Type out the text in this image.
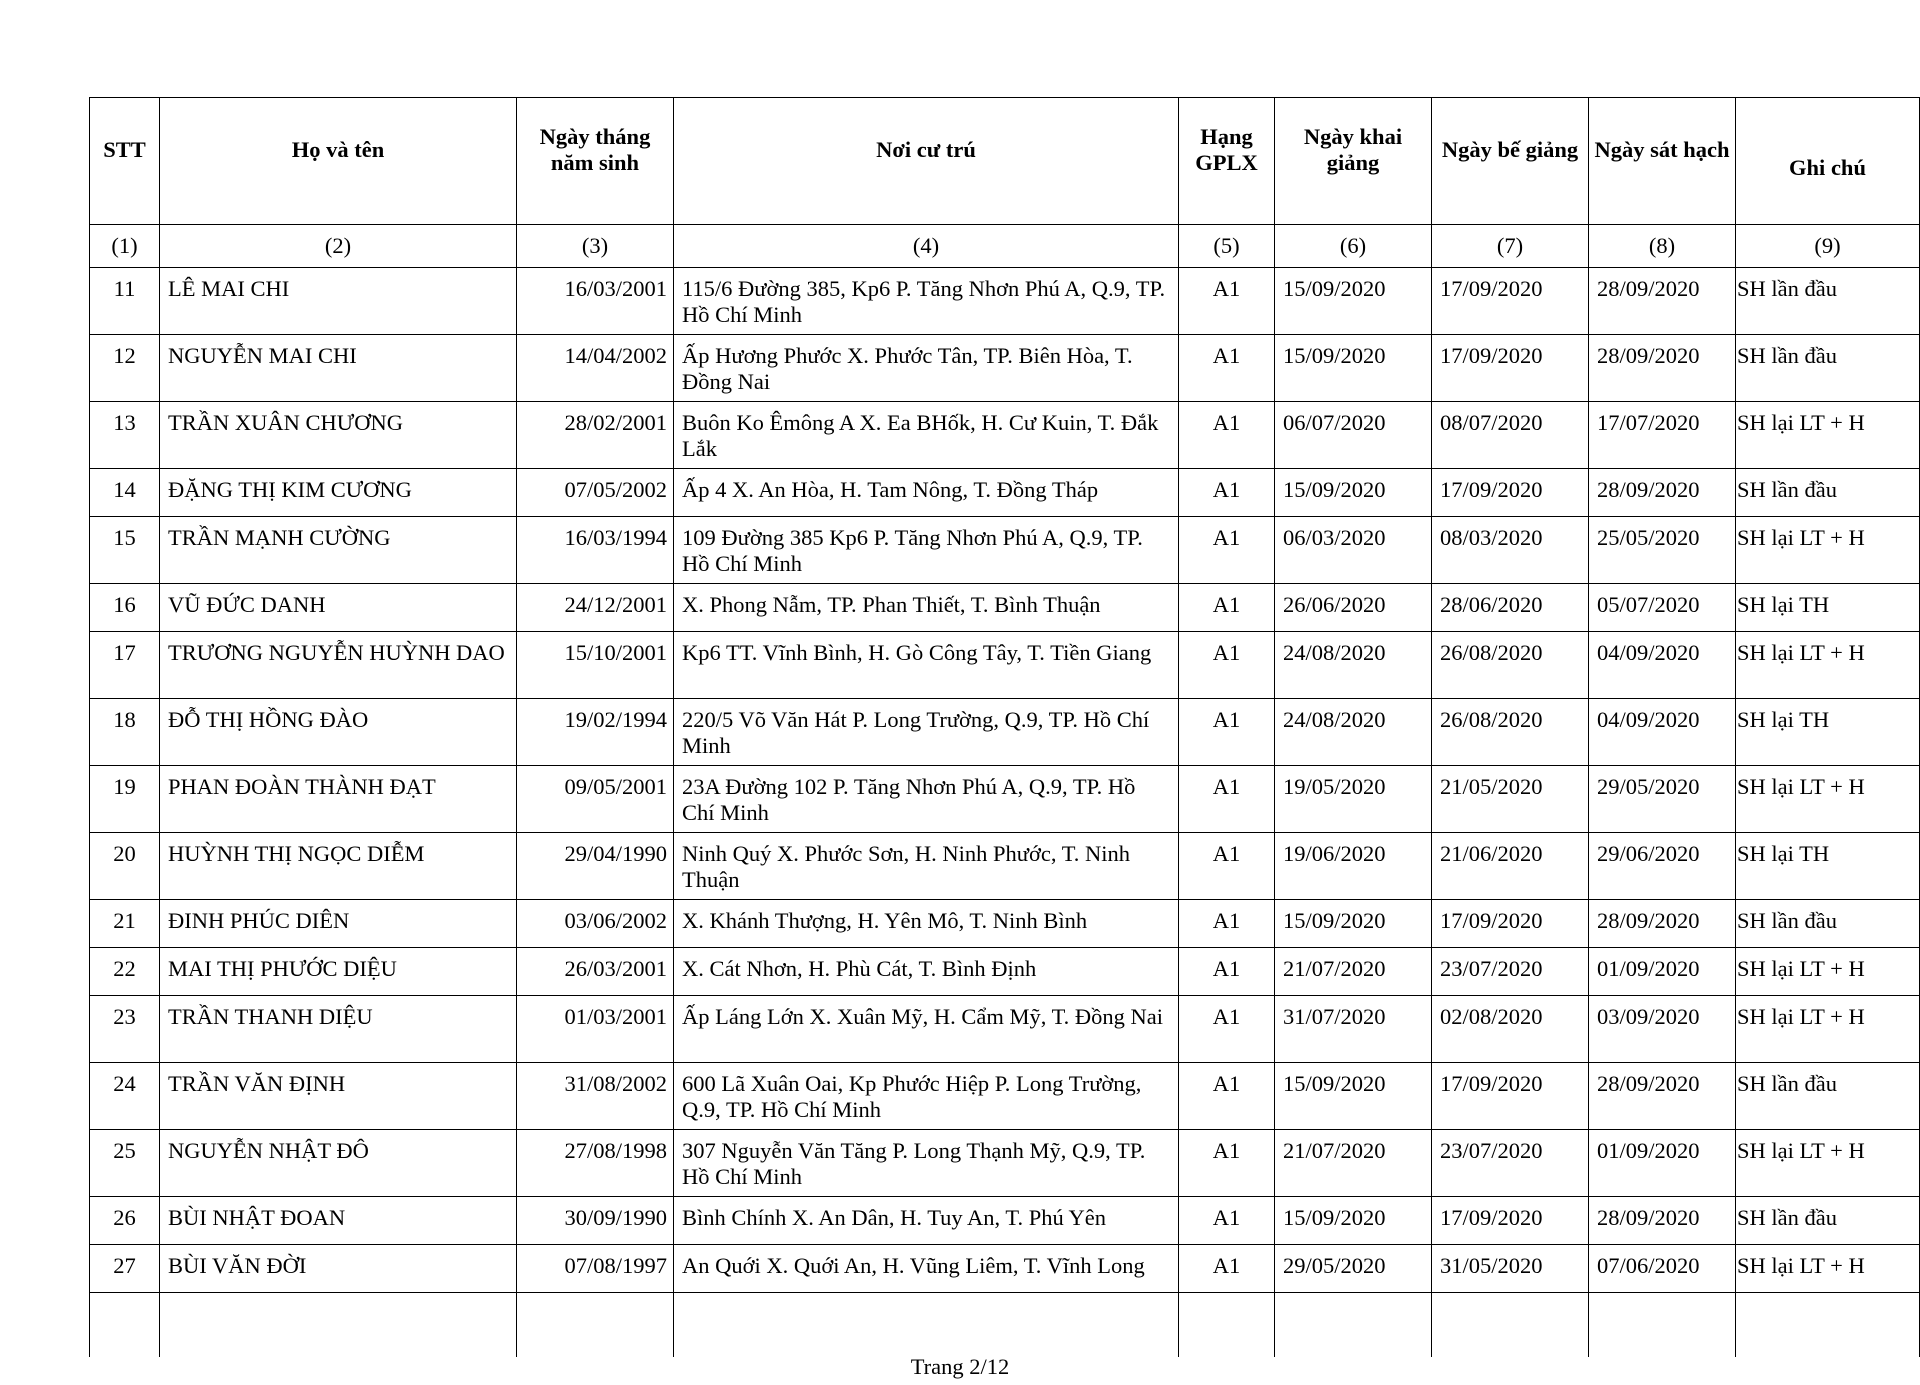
STT	Họ và tên	Ngày tháng năm sinh	Nơi cư trú	Hạng GPLX	Ngày khai giảng	Ngày bế giảng	Ngày sát hạch	Ghi chú
(1)	(2)	(3)	(4)	(5)	(6)	(7)	(8)	(9)
11	LÊ MAI CHI	16/03/2001	115/6 Đường 385, Kp6 P. Tăng Nhơn Phú A, Q.9, TP. Hồ Chí Minh	A1	15/09/2020	17/09/2020	28/09/2020	SH lần đầu
12	NGUYỄN MAI CHI	14/04/2002	Ấp Hương Phước X. Phước Tân, TP. Biên Hòa, T. Đồng Nai	A1	15/09/2020	17/09/2020	28/09/2020	SH lần đầu
13	TRẦN XUÂN CHƯƠNG	28/02/2001	Buôn Ko Êmông A X. Ea BHốk, H. Cư Kuin, T. Đắk Lắk	A1	06/07/2020	08/07/2020	17/07/2020	SH lại LT + H
14	ĐẶNG THỊ KIM CƯƠNG	07/05/2002	Ấp 4 X. An Hòa, H. Tam Nông, T. Đồng Tháp	A1	15/09/2020	17/09/2020	28/09/2020	SH lần đầu
15	TRẦN MẠNH CƯỜNG	16/03/1994	109 Đường 385 Kp6 P. Tăng Nhơn Phú A, Q.9, TP. Hồ Chí Minh	A1	06/03/2020	08/03/2020	25/05/2020	SH lại LT + H
16	VŨ ĐỨC DANH	24/12/2001	X. Phong Nẫm, TP. Phan Thiết, T. Bình Thuận	A1	26/06/2020	28/06/2020	05/07/2020	SH lại TH
17	TRƯƠNG NGUYỄN HUỲNH DAO	15/10/2001	Kp6 TT. Vĩnh Bình, H. Gò Công Tây, T. Tiền Giang	A1	24/08/2020	26/08/2020	04/09/2020	SH lại LT + H
18	ĐỖ THỊ HỒNG ĐÀO	19/02/1994	220/5 Võ Văn Hát P. Long Trường, Q.9, TP. Hồ Chí Minh	A1	24/08/2020	26/08/2020	04/09/2020	SH lại TH
19	PHAN ĐOÀN THÀNH ĐẠT	09/05/2001	23A Đường 102 P. Tăng Nhơn Phú A, Q.9, TP. Hồ Chí Minh	A1	19/05/2020	21/05/2020	29/05/2020	SH lại LT + H
20	HUỲNH THỊ NGỌC DIỄM	29/04/1990	Ninh Quý X. Phước Sơn, H. Ninh Phước, T. Ninh Thuận	A1	19/06/2020	21/06/2020	29/06/2020	SH lại TH
21	ĐINH PHÚC DIÊN	03/06/2002	X. Khánh Thượng, H. Yên Mô, T. Ninh Bình	A1	15/09/2020	17/09/2020	28/09/2020	SH lần đầu
22	MAI THỊ PHƯỚC DIỆU	26/03/2001	X. Cát Nhơn, H. Phù Cát, T. Bình Định	A1	21/07/2020	23/07/2020	01/09/2020	SH lại LT + H
23	TRẦN THANH DIỆU	01/03/2001	Ấp Láng Lớn X. Xuân Mỹ, H. Cẩm Mỹ, T. Đồng Nai	A1	31/07/2020	02/08/2020	03/09/2020	SH lại LT + H
24	TRẦN VĂN ĐỊNH	31/08/2002	600 Lã Xuân Oai, Kp Phước Hiệp P. Long Trường, Q.9, TP. Hồ Chí Minh	A1	15/09/2020	17/09/2020	28/09/2020	SH lần đầu
25	NGUYỄN NHẬT ĐÔ	27/08/1998	307 Nguyễn Văn Tăng P. Long Thạnh Mỹ, Q.9, TP. Hồ Chí Minh	A1	21/07/2020	23/07/2020	01/09/2020	SH lại LT + H
26	BÙI NHẬT ĐOAN	30/09/1990	Bình Chính X. An Dân, H. Tuy An, T. Phú Yên	A1	15/09/2020	17/09/2020	28/09/2020	SH lần đầu
27	BÙI VĂN ĐỜI	07/08/1997	An Quới X. Quới An, H. Vũng Liêm, T. Vĩnh Long	A1	29/05/2020	31/05/2020	07/06/2020	SH lại LT + H

Trang 2/12
